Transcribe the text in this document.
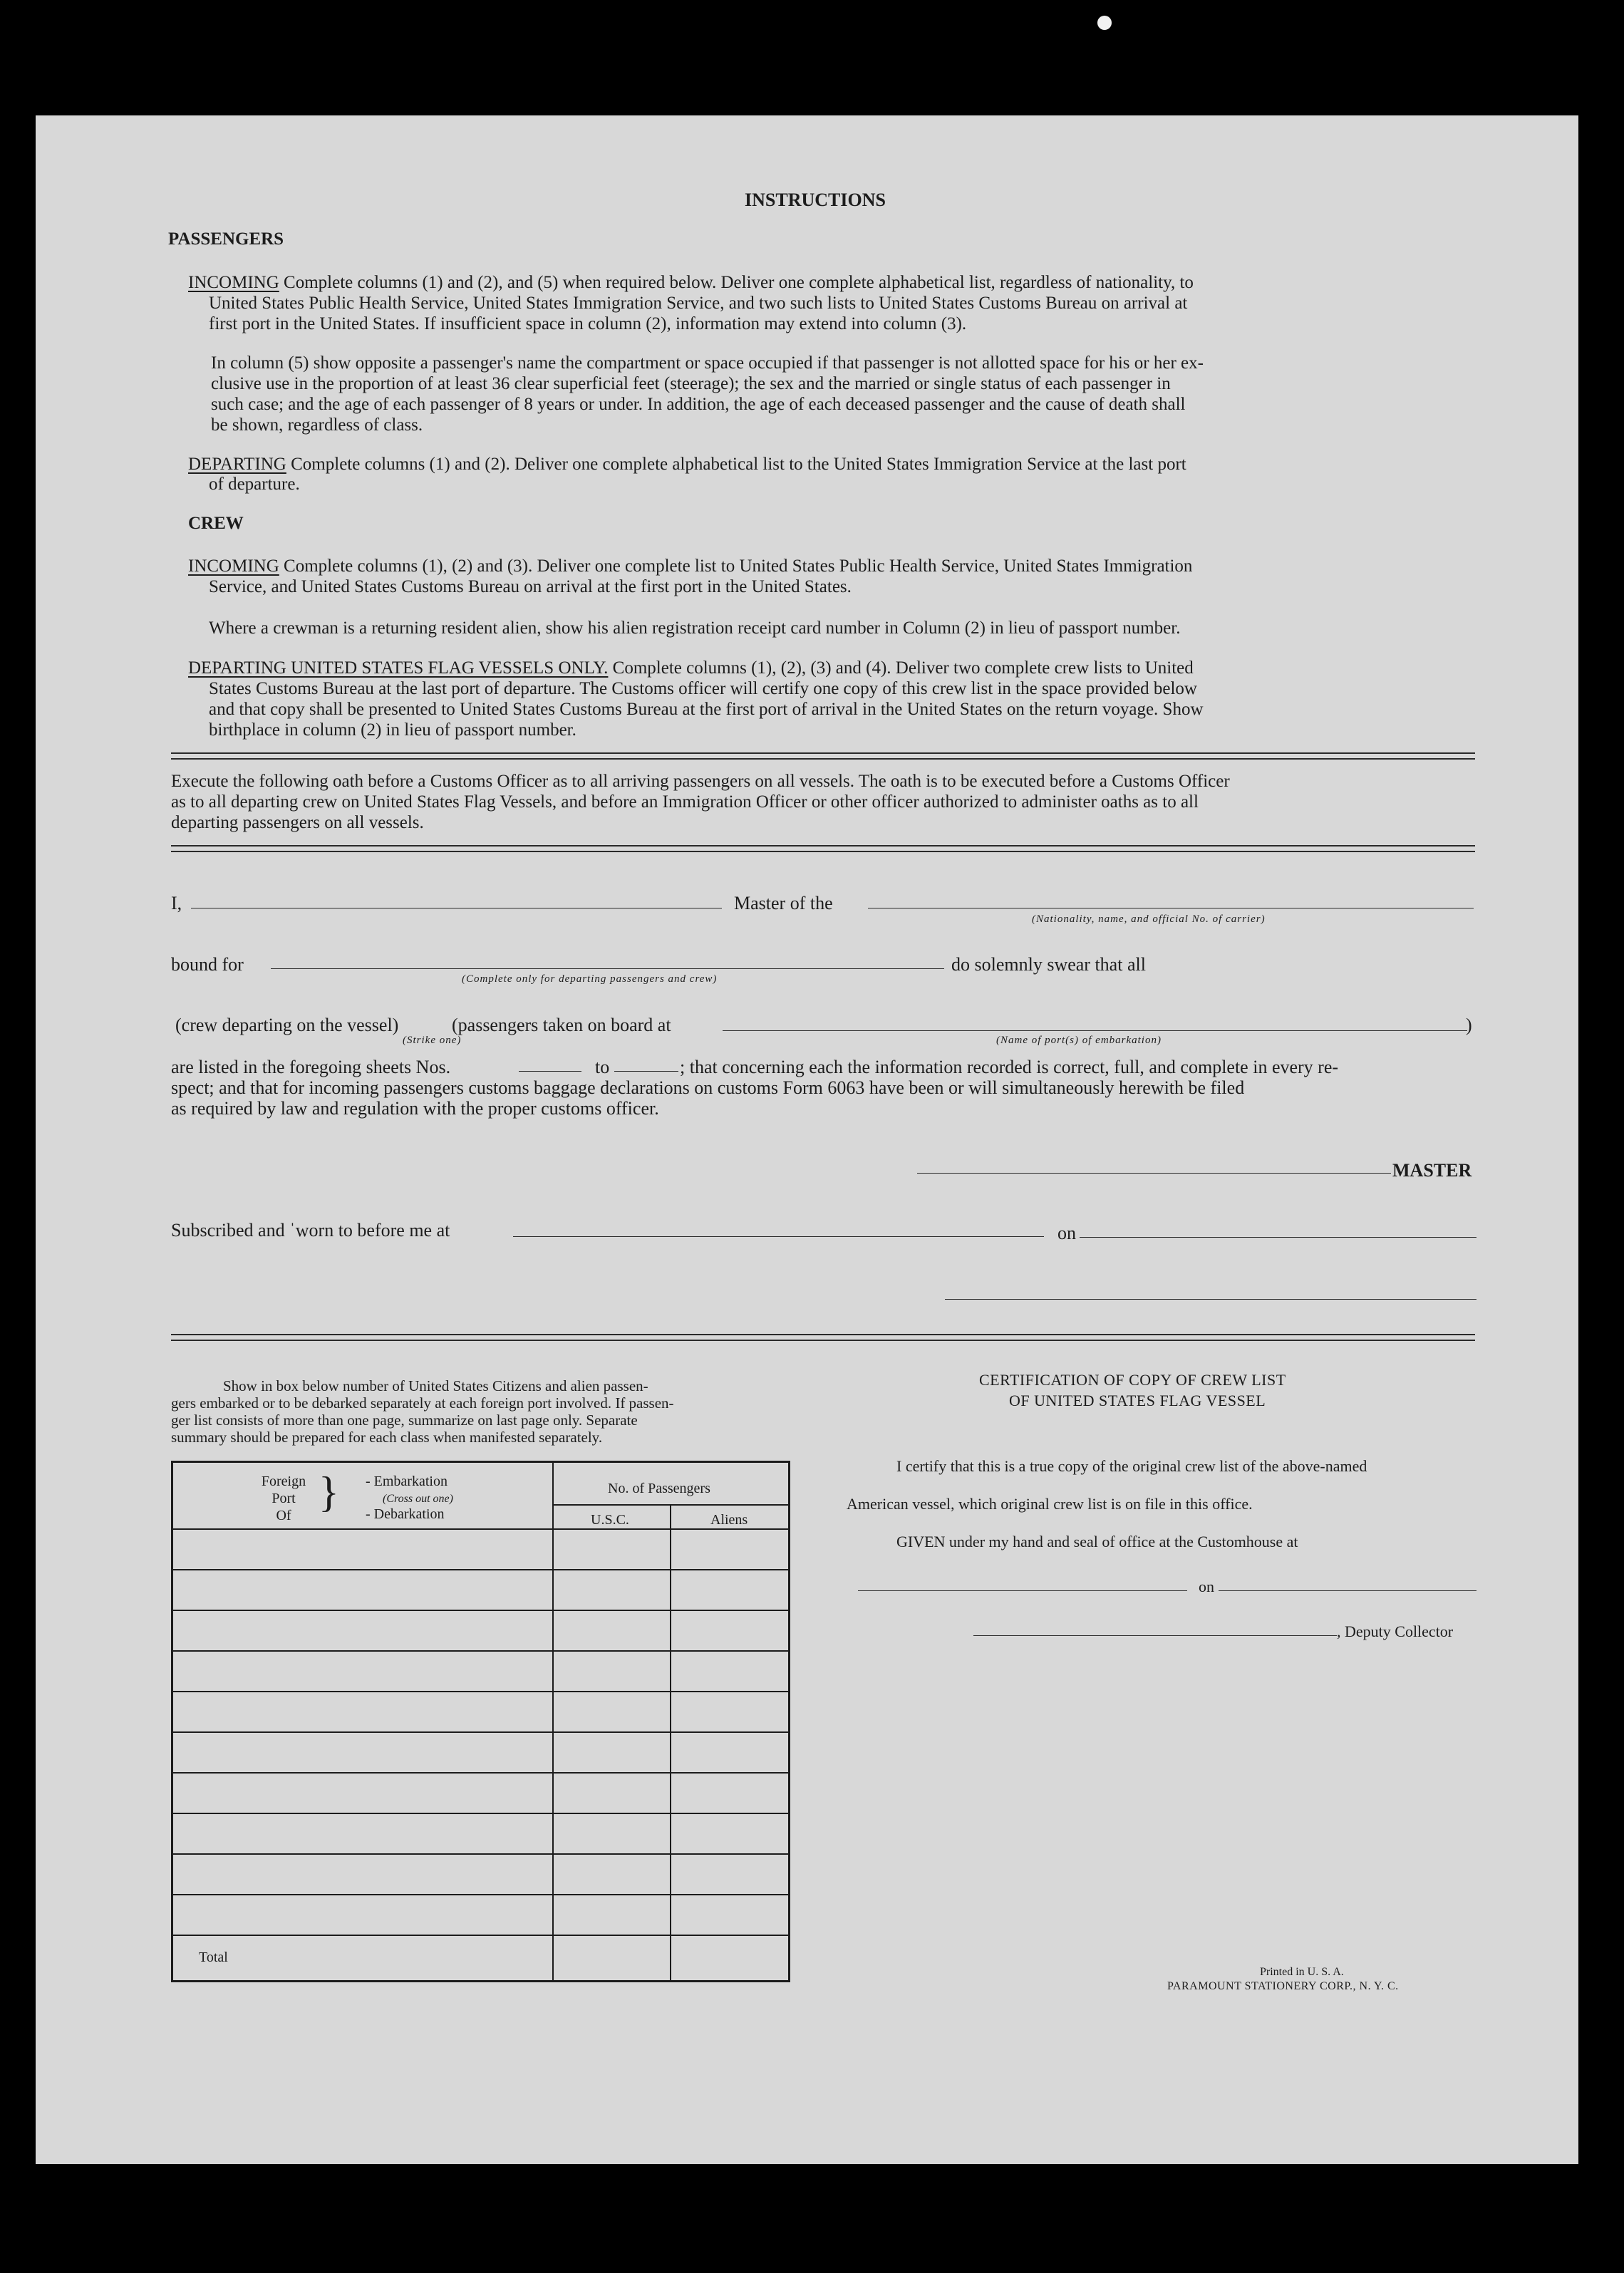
INSTRUCTIONS
PASSENGERS
INCOMING Complete columns (1) and (2), and (5) when required below. Deliver one complete alphabetical list, regardless of nationality, to
United States Public Health Service, United States Immigration Service, and two such lists to United States Customs Bureau on arrival at
first port in the United States. If insufficient space in column (2), information may extend into column (3).
In column (5) show opposite a passenger's name the compartment or space occupied if that passenger is not allotted space for his or her ex-
clusive use in the proportion of at least 36 clear superficial feet (steerage); the sex and the married or single status of each passenger in
such case; and the age of each passenger of 8 years or under. In addition, the age of each deceased passenger and the cause of death shall
be shown, regardless of class.
DEPARTING Complete columns (1) and (2). Deliver one complete alphabetical list to the United States Immigration Service at the last port
of departure.
CREW
INCOMING Complete columns (1), (2) and (3). Deliver one complete list to United States Public Health Service, United States Immigration
Service, and United States Customs Bureau on arrival at the first port in the United States.
Where a crewman is a returning resident alien, show his alien registration receipt card number in Column (2) in lieu of passport number.
DEPARTING UNITED STATES FLAG VESSELS ONLY. Complete columns (1), (2), (3) and (4). Deliver two complete crew lists to United
States Customs Bureau at the last port of departure. The Customs officer will certify one copy of this crew list in the space provided below
and that copy shall be presented to United States Customs Bureau at the first port of arrival in the United States on the return voyage. Show
birthplace in column (2) in lieu of passport number.
Execute the following oath before a Customs Officer as to all arriving passengers on all vessels. The oath is to be executed before a Customs Officer
as to all departing crew on United States Flag Vessels, and before an Immigration Officer or other officer authorized to administer oaths as to all
departing passengers on all vessels.
I,	Master of the
(Nationality, name, and official No. of carrier)
bound for
(Complete only for departing passengers and crew)
do solemnly swear that all
(crew departing on the vessel)
(Strike one)
(passengers taken on board at
(Name of port(s) of embarkation)
)
are listed in the foregoing sheets Nos.	to	; that concerning each the information recorded is correct, full, and complete in every re-
spect; and that for incoming passengers customs baggage declarations on customs Form 6063 have been or will simultaneously herewith be filed
as required by law and regulation with the proper customs officer.
MASTER
Subscribed and ˈworn to before me at	on
Show in box below number of United States Citizens and alien passen-
gers embarked or to be debarked separately at each foreign port involved. If passen-
ger list consists of more than one page, summarize on last page only. Separate
summary should be prepared for each class when manifested separately.
Foreign
Port
Of } - Embarkation
(Cross out one)
- Debarkation
No. of Passengers
U.S.C.	Aliens
Total
CERTIFICATION OF COPY OF CREW LIST
OF UNITED STATES FLAG VESSEL
I certify that this is a true copy of the original crew list of the above-named
American vessel, which original crew list is on file in this office.
GIVEN under my hand and seal of office at the Customhouse at
on
, Deputy Collector
Printed in U. S. A.
PARAMOUNT STATIONERY CORP., N. Y. C.
